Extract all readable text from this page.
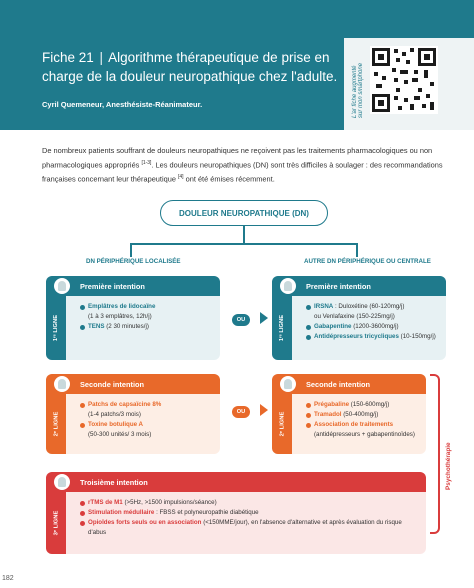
Fiche 21 | Algorithme thérapeutique de prise en charge de la douleur neuropathique chez l'adulte.
Cyril Quemeneur, Anesthésiste-Réanimateur.	L'ar fiche augmenté sur mon smartphone
De nombreux patients souffrant de douleurs neuropathiques ne reçoivent pas les traitements pharmacologiques ou non pharmacologiques appropriés [1-3]. Les douleurs neuropathiques (DN) sont très difficiles à soulager : des recommandations françaises concernant leur thérapeutique [4] ont été émises récemment.
DOULEUR NEUROPATHIQUE (DN)
DN PÉRIPHÉRIQUE LOCALISÉE	AUTRE DN PÉRIPHÉRIQUE OU CENTRALE
Première intention
1ʳᵉ LIGNE
Emplâtres de lidocaïne
(1 à 3 emplâtres, 12h/j)
TENS (2 30 minutes/j)
OU
Première intention
1ʳᵉ LIGNE
IRSNA : Duloxétine (60-120mg/j)
ou Venlafaxine (150-225mg/j)
Gabapentine (1200-3600mg/j)
Antidépresseurs tricycliques (10-150mg/j)
Seconde intention
2ᵉ LIGNE
Patchs de capsaïcine 8%
(1-4 patchs/3 mois)
Toxine botulique A
(50-300 unités/ 3 mois)
OU
Seconde intention
2ᵉ LIGNE
Prégabaline (150-600mg/j)
Tramadol (50-400mg/j)
Association de traitements
(antidépresseurs + gabapentinoïdes)
Troisième intention
3ᵉ LIGNE
rTMS de M1 (>5Hz, >1500 impulsions/séance)
Stimulation médullaire : FBSS et polyneuropathie diabétique
Opioïdes forts seuls ou en association (<150MME/jour), en l'absence d'alternative et après évaluation du risque d'abus
Psychothérapie
182
